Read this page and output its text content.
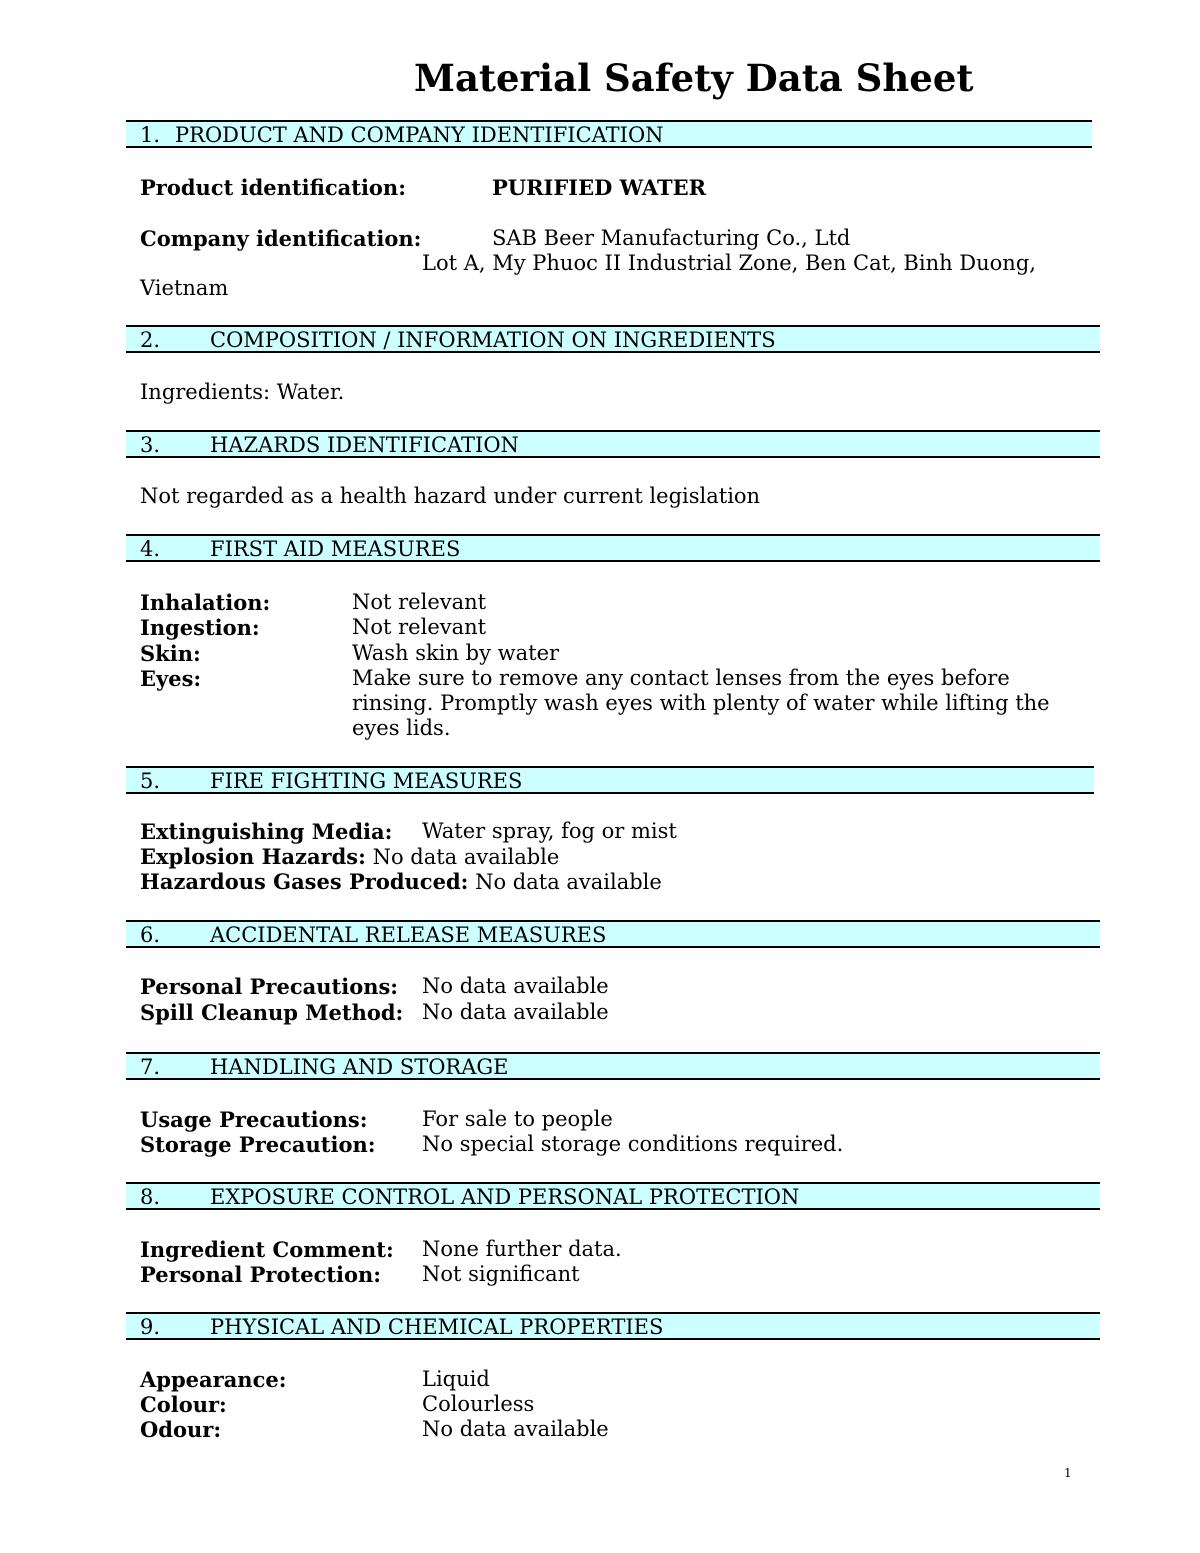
Material Safety Data Sheet
1. PRODUCT AND COMPANY IDENTIFICATION
Product identification:	PURIFIED WATER
Company identification:	SAB Beer Manufacturing Co., Ltd
Lot A, My Phuoc II Industrial Zone, Ben Cat, Binh Duong,
Vietnam
2. COMPOSITION / INFORMATION ON INGREDIENTS
Ingredients: Water.
3. HAZARDS IDENTIFICATION
Not regarded as a health hazard under current legislation
4. FIRST AID MEASURES
Inhalation:	Not relevant
Ingestion:	Not relevant
Skin:	Wash skin by water
Eyes:	Make sure to remove any contact lenses from the eyes before
rinsing. Promptly wash eyes with plenty of water while lifting the
eyes lids.
5. FIRE FIGHTING MEASURES
Extinguishing Media: Water spray, fog or mist
Explosion Hazards: No data available
Hazardous Gases Produced: No data available
6. ACCIDENTAL RELEASE MEASURES
Personal Precautions: No data available
Spill Cleanup Method: No data available
7. HANDLING AND STORAGE
Usage Precautions:	For sale to people
Storage Precaution: No special storage conditions required.
8. EXPOSURE CONTROL AND PERSONAL PROTECTION
Ingredient Comment: None further data.
Personal Protection: Not significant
9. PHYSICAL AND CHEMICAL PROPERTIES
Appearance:	Liquid
Colour:	Colourless
Odour:	No data available
1
